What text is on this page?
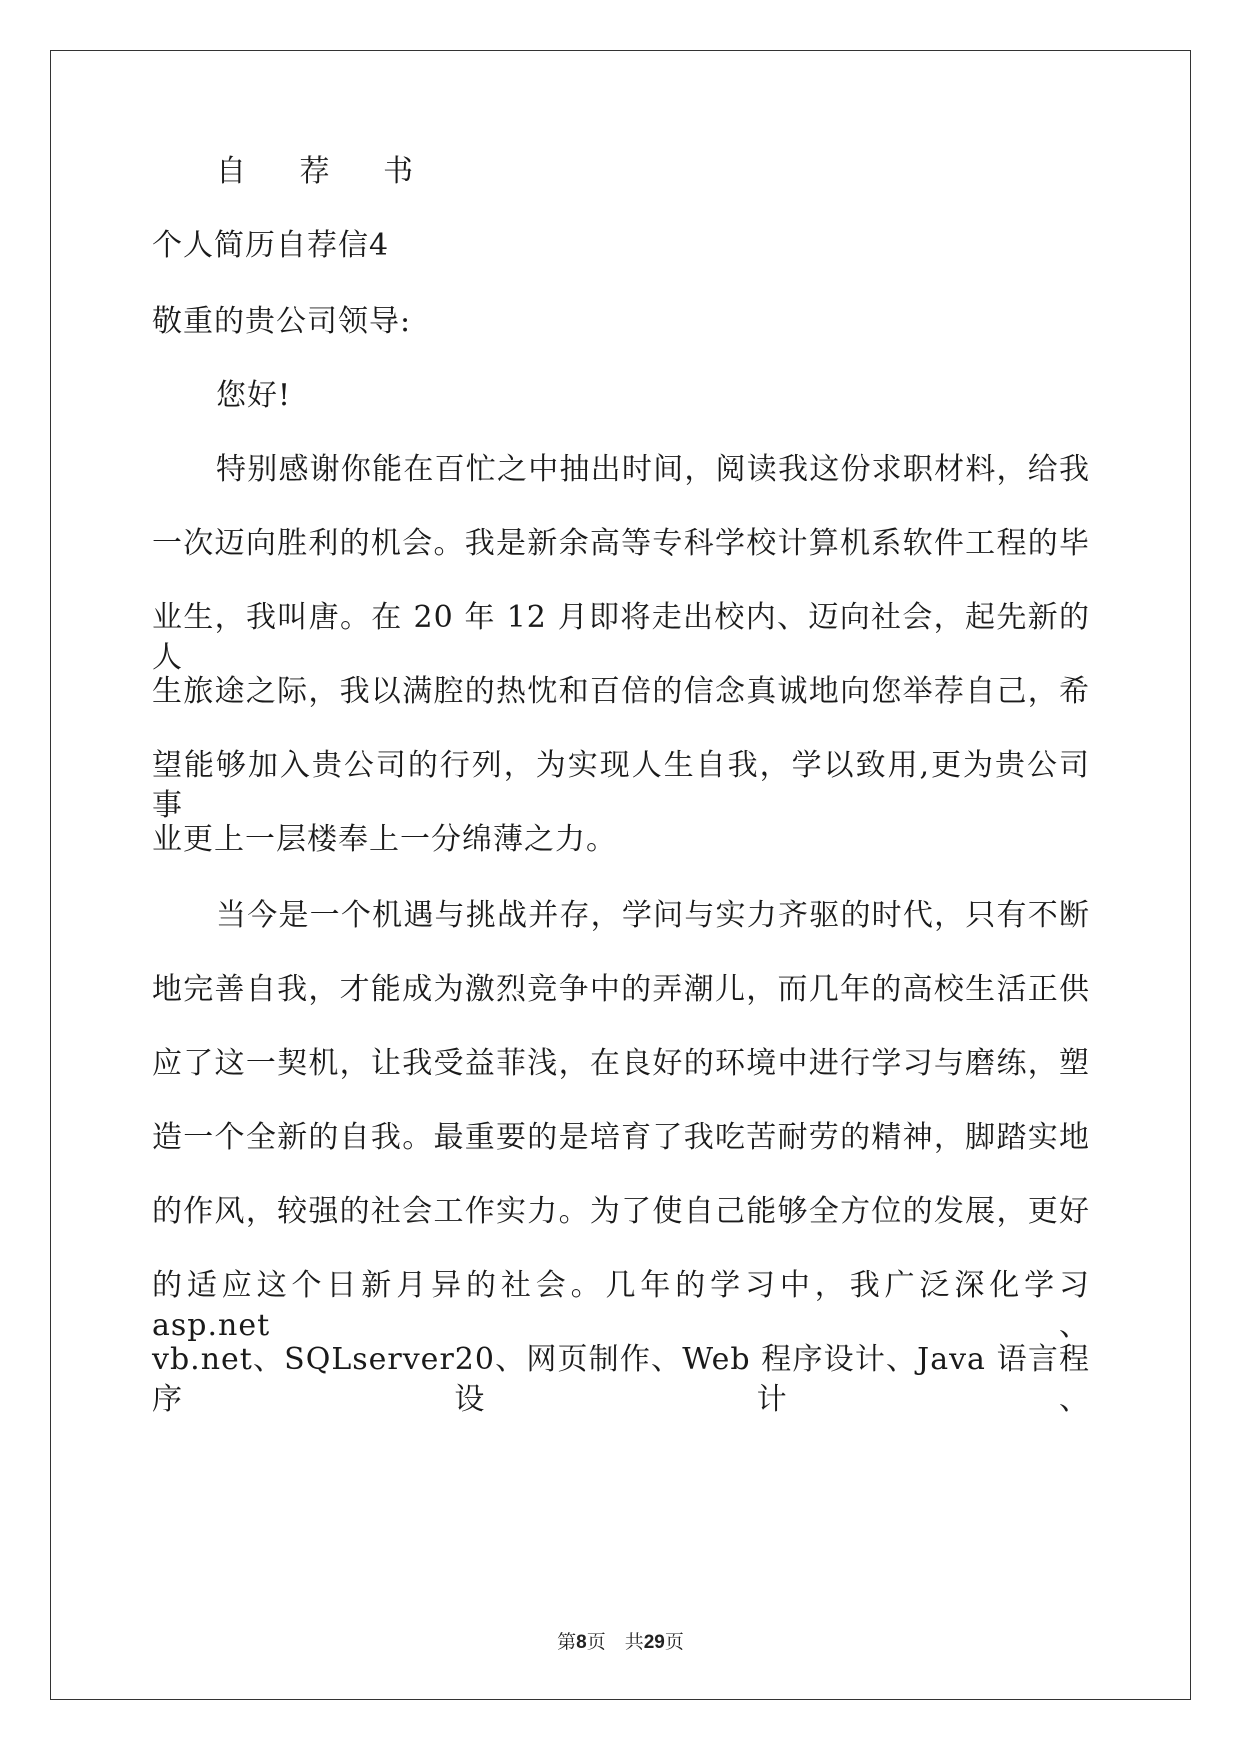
自 荐 书
个人简历自荐信4
敬重的贵公司领导:
您好!
特别感谢你能在百忙之中抽出时间，阅读我这份求职材料，给我
一次迈向胜利的机会。我是新余高等专科学校计算机系软件工程的毕
业生，我叫唐。在 20 年 12 月即将走出校内、迈向社会，起先新的人
生旅途之际，我以满腔的热忱和百倍的信念真诚地向您举荐自己，希
望能够加入贵公司的行列，为实现人生自我，学以致用,更为贵公司事
业更上一层楼奉上一分绵薄之力。
当今是一个机遇与挑战并存，学问与实力齐驱的时代，只有不断
地完善自我，才能成为激烈竞争中的弄潮儿，而几年的高校生活正供
应了这一契机，让我受益菲浅，在良好的环境中进行学习与磨练，塑
造一个全新的自我。最重要的是培育了我吃苦耐劳的精神，脚踏实地
的作风，较强的社会工作实力。为了使自己能够全方位的发展，更好
的适应这个日新月异的社会。几年的学习中，我广泛深化学习asp.net、
vb.net、SQLserver20、网页制作、Web 程序设计、Java 语言程序设计、
第8页　共29页
